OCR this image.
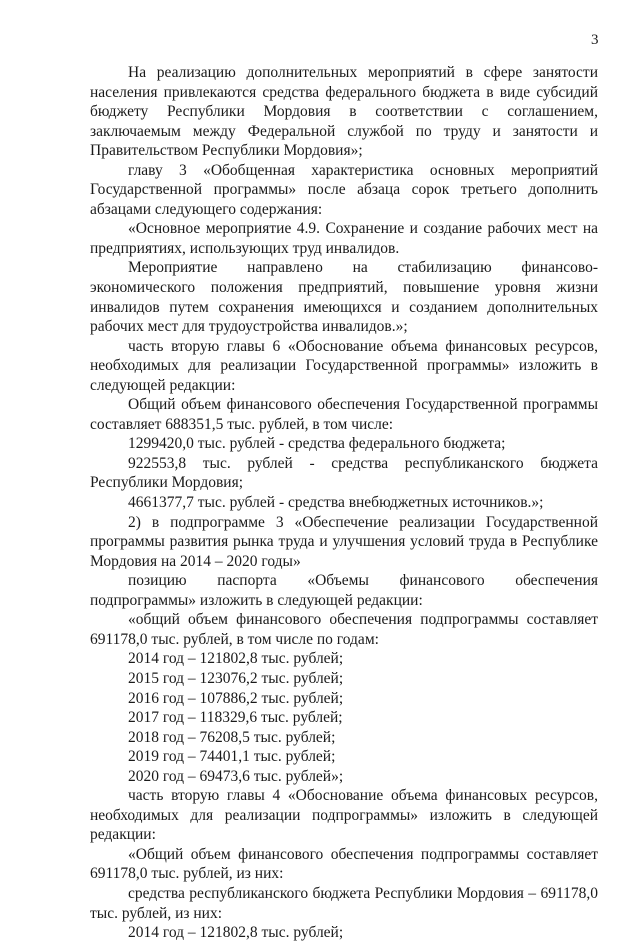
3

На реализацию дополнительных мероприятий в сфере занятости населения привлекаются средства федерального бюджета в виде субсидий бюджету Республики Мордовия в соответствии с соглашением, заключаемым между Федеральной службой по труду и занятости и Правительством Республики Мордовия»;

главу 3 «Обобщенная характеристика основных мероприятий Государственной программы» после абзаца сорок третьего дополнить абзацами следующего содержания:

«Основное мероприятие 4.9. Сохранение и создание рабочих мест на предприятиях, использующих труд инвалидов.

Мероприятие направлено на стабилизацию финансово-экономического положения предприятий, повышение уровня жизни инвалидов путем сохранения имеющихся и созданием дополнительных рабочих мест для трудоустройства инвалидов.»;

часть вторую главы 6 «Обоснование объема финансовых ресурсов, необходимых для реализации Государственной программы» изложить в следующей редакции:

Общий объем финансового обеспечения Государственной программы составляет 688351,5 тыс. рублей, в том числе:

1299420,0 тыс. рублей - средства федерального бюджета;

922553,8 тыс. рублей - средства республиканского бюджета Республики Мордовия;

4661377,7 тыс. рублей - средства внебюджетных источников.»;

2) в подпрограмме 3 «Обеспечение реализации Государственной программы развития рынка труда и улучшения условий труда в Республике Мордовия на 2014 – 2020 годы»

позицию паспорта «Объемы финансового обеспечения подпрограммы» изложить в следующей редакции:

«общий объем финансового обеспечения подпрограммы составляет 691178,0 тыс. рублей, в том числе по годам:

2014 год – 121802,8 тыс. рублей;

2015 год – 123076,2 тыс. рублей;

2016 год – 107886,2 тыс. рублей;

2017 год – 118329,6 тыс. рублей;

2018 год – 76208,5 тыс. рублей;

2019 год – 74401,1 тыс. рублей;

2020 год – 69473,6 тыс. рублей»;

часть вторую главы 4 «Обоснование объема финансовых ресурсов, необходимых для реализации подпрограммы» изложить в следующей редакции:

«Общий объем финансового обеспечения подпрограммы составляет 691178,0 тыс. рублей, из них:

средства республиканского бюджета Республики Мордовия – 691178,0 тыс. рублей, из них:

2014 год – 121802,8 тыс. рублей;
